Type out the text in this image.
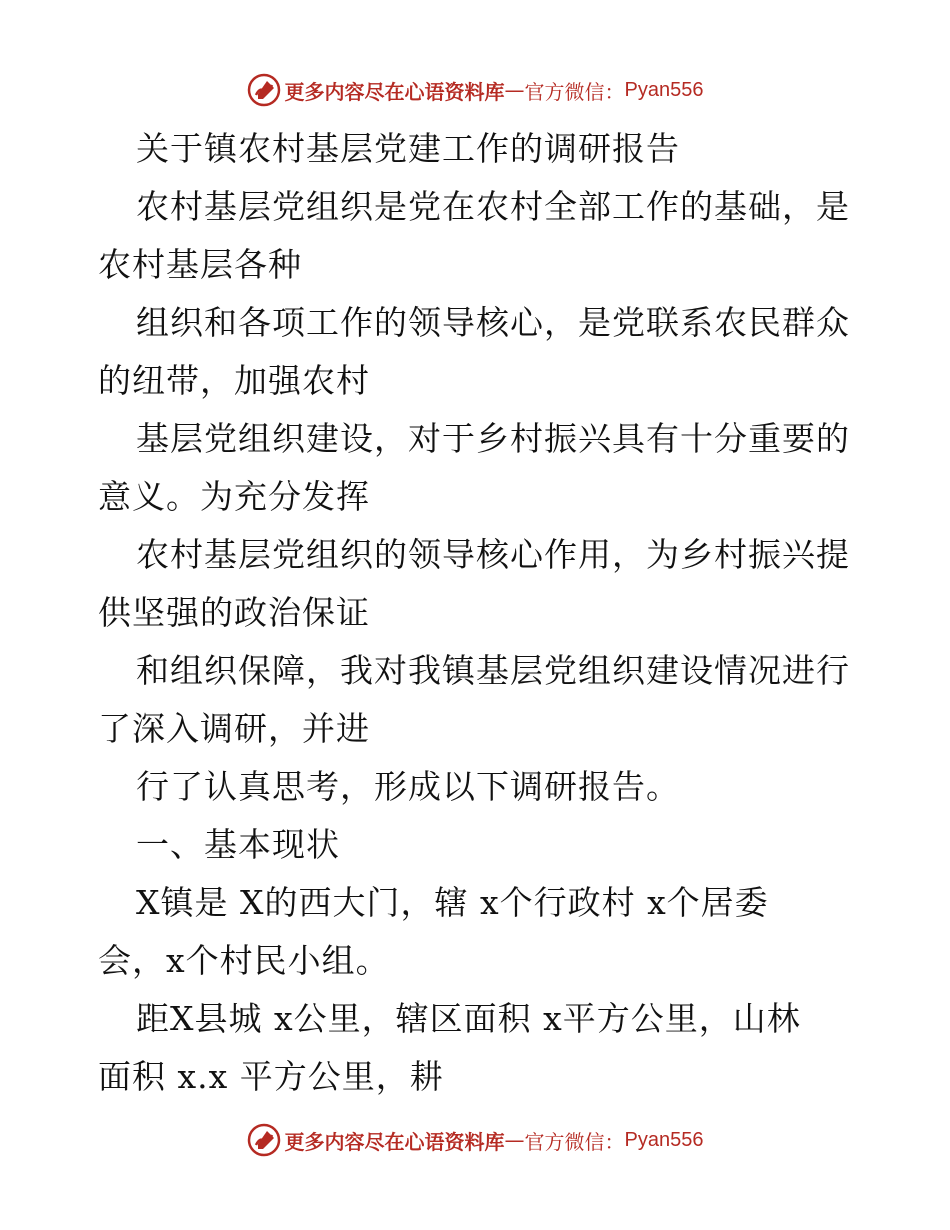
更多内容尽在心语资料库 — 官方微信： Pyan556
关于镇农村基层党建工作的调研报告
农村基层党组织是党在农村全部工作的基础，是
农村基层各种
组织和各项工作的领导核心，是党联系农民群众
的纽带，加强农村
基层党组织建设，对于乡村振兴具有十分重要的
意义。为充分发挥
农村基层党组织的领导核心作用，为乡村振兴提
供坚强的政治保证
和组织保障，我对我镇基层党组织建设情况进行
了深入调研，并进
行了认真思考，形成以下调研报告。
一、基本现状
X镇是 X的西大门，辖 x个行政村 x个居委
会，x个村民小组。
距X县城 x公里，辖区面积 x平方公里，山林
面积 x.x 平方公里，耕
更多内容尽在心语资料库 — 官方微信： Pyan556
